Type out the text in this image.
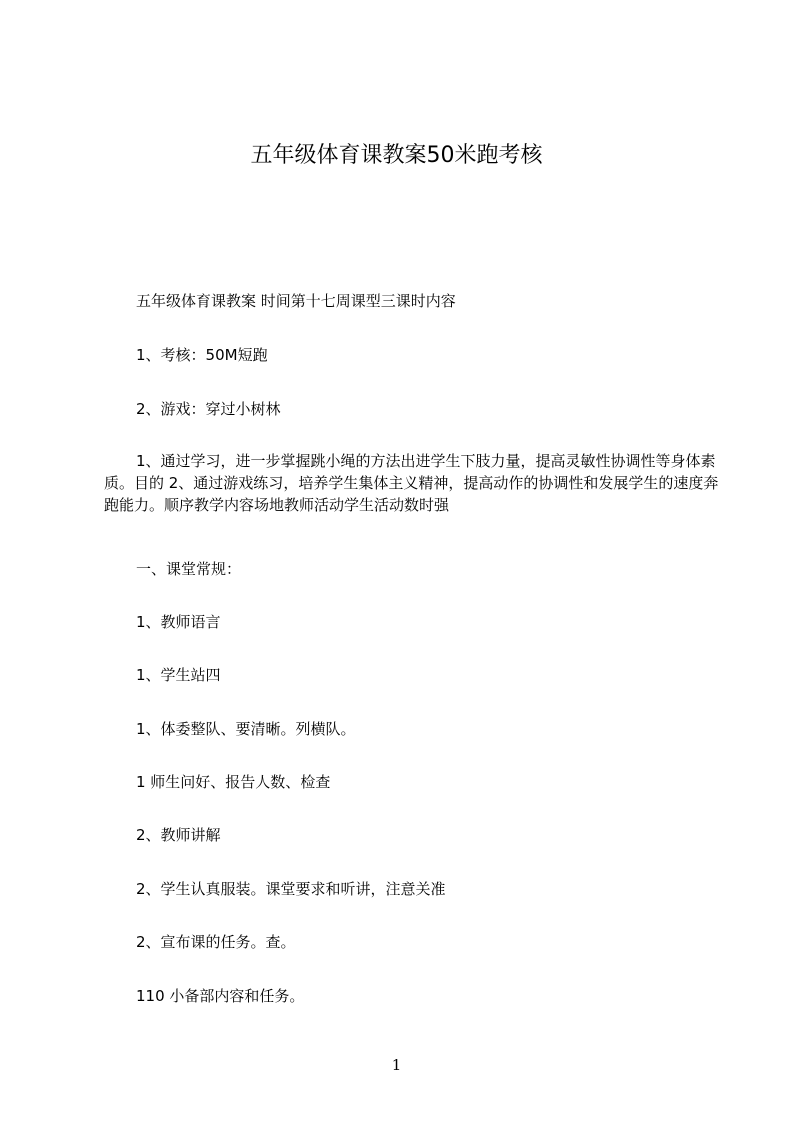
五年级体育课教案50米跑考核

五年级体育课教案 时间第十七周课型三课时内容

1、考核：50M短跑

2、游戏：穿过小树林

1、通过学习，进一步掌握跳小绳的方法出进学生下肢力量，提高灵敏性协调性等身体素质。目的 2、通过游戏练习，培养学生集体主义精神，提高动作的协调性和发展学生的速度奔跑能力。顺序教学内容场地教师活动学生活动数时强

一、课堂常规：

1、教师语言

1、学生站四

1、体委整队、要清晰。列横队。

1 师生问好、报告人数、检查

2、教师讲解

2、学生认真服装。课堂要求和听讲，注意关准

2、宣布课的任务。查。

110 小备部内容和任务。

1
